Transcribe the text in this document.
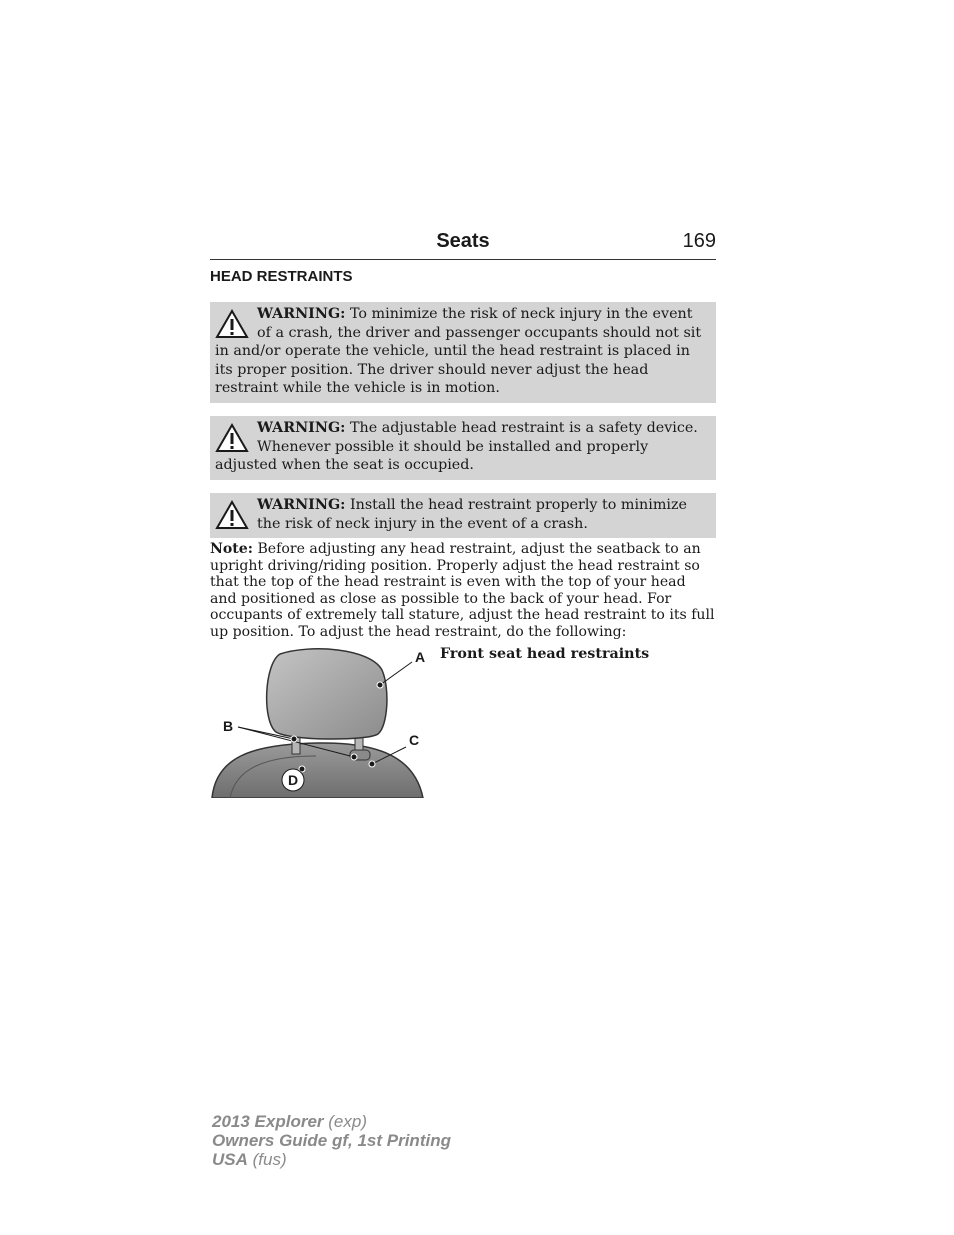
Seats	169
HEAD RESTRAINTS
WARNING: To minimize the risk of neck injury in the event of a crash, the driver and passenger occupants should not sit in and/or operate the vehicle, until the head restraint is placed in its proper position. The driver should never adjust the head restraint while the vehicle is in motion.
WARNING: The adjustable head restraint is a safety device. Whenever possible it should be installed and properly adjusted when the seat is occupied.
WARNING: Install the head restraint properly to minimize the risk of neck injury in the event of a crash.
Note: Before adjusting any head restraint, adjust the seatback to an upright driving/riding position. Properly adjust the head restraint so that the top of the head restraint is even with the top of your head and positioned as close as possible to the back of your head. For occupants of extremely tall stature, adjust the head restraint to its full up position. To adjust the head restraint, do the following:
A
B
C
D
Front seat head restraints
2013 Explorer (exp)
Owners Guide gf, 1st Printing
USA (fus)
